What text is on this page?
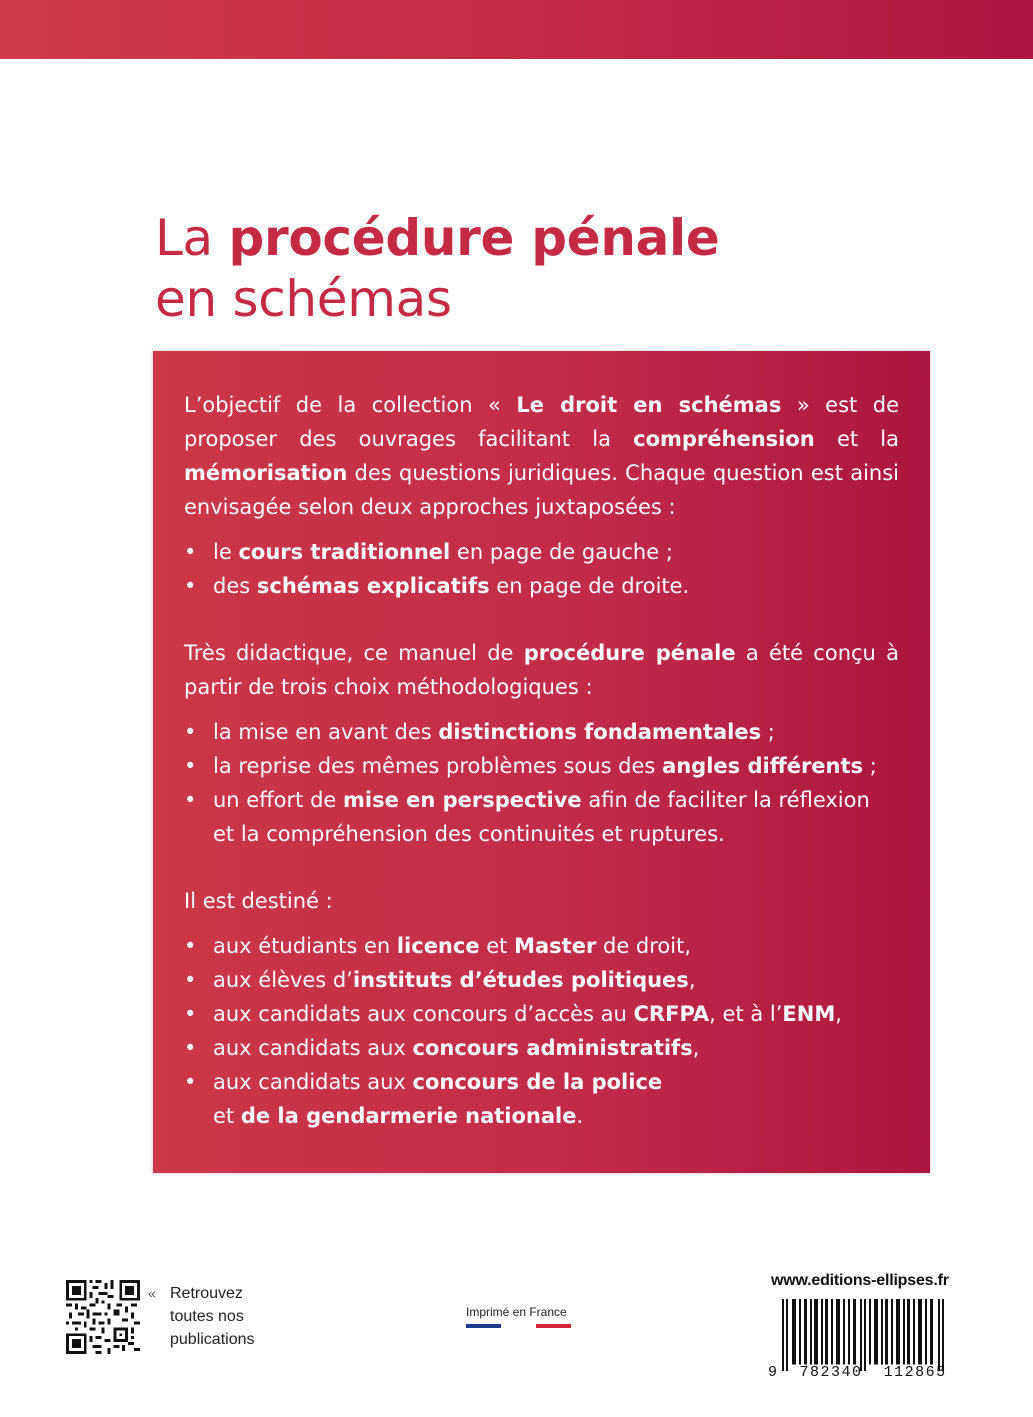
La procédure pénale
en schémas

L’objectif de la collection « Le droit en schémas » est de proposer des ouvrages facilitant la compréhension et la mémorisation des questions juridiques. Chaque question est ainsi envisagée selon deux approches juxtaposées :

• le cours traditionnel en page de gauche ;
• des schémas explicatifs en page de droite.

Très didactique, ce manuel de procédure pénale a été conçu à partir de trois choix méthodologiques :

• la mise en avant des distinctions fondamentales ;
• la reprise des mêmes problèmes sous des angles différents ;
• un effort de mise en perspective afin de faciliter la réflexion
et la compréhension des continuités et ruptures.

Il est destiné :

• aux étudiants en licence et Master de droit,
• aux élèves d’instituts d’études politiques,
• aux candidats aux concours d’accès au CRFPA, et à l’ENM,
• aux candidats aux concours administratifs,
• aux candidats aux concours de la police
et de la gendarmerie nationale.
« Retrouvez
toutes nos
publications
Imprimé en France
www.editions-ellipses.fr
9 782340 112865
